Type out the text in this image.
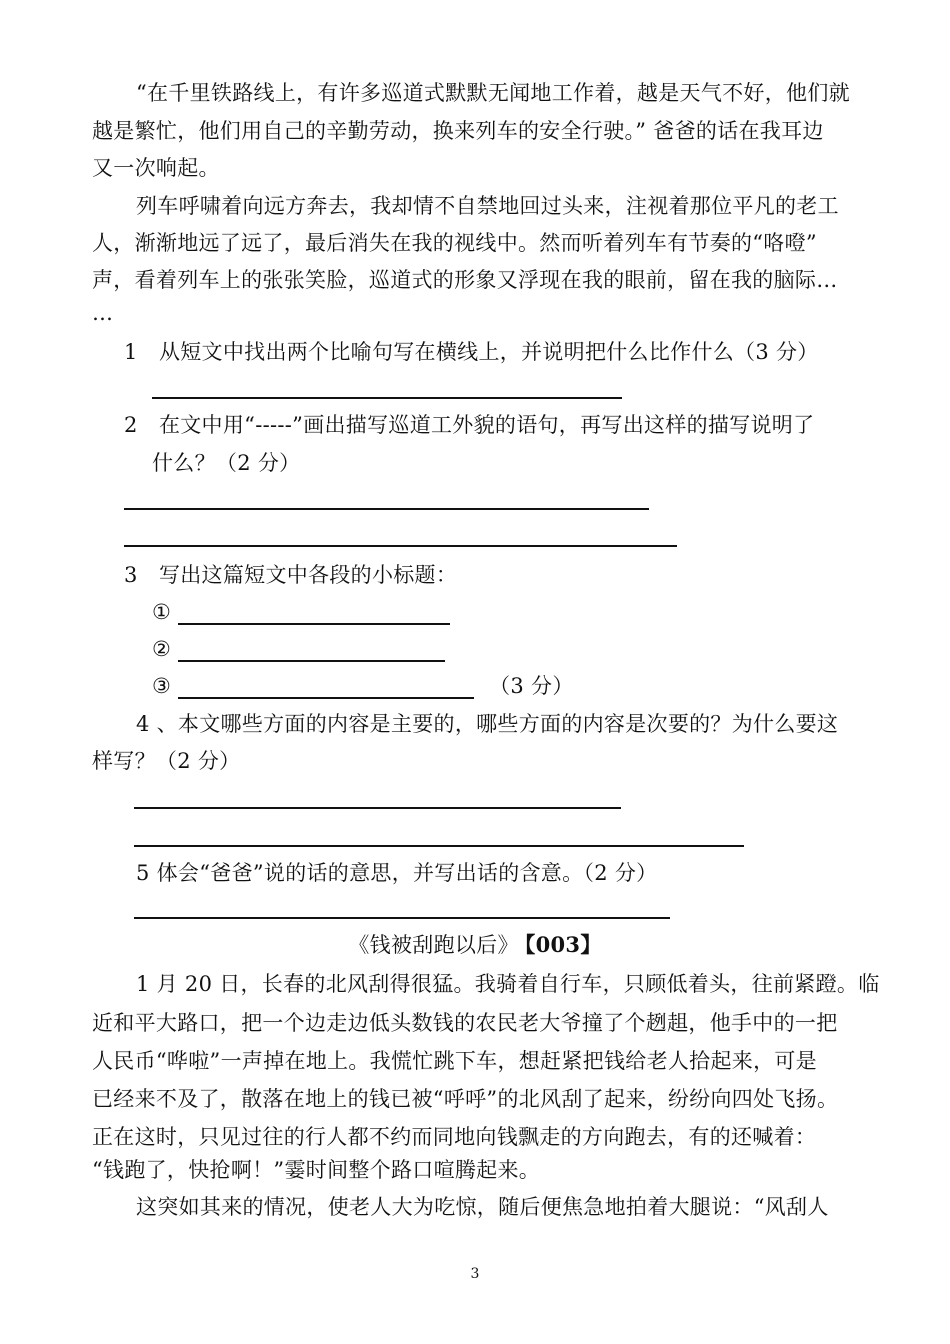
“在千里铁路线上，有许多巡道式默默无闻地工作着，越是天气不好，他们就
越是繁忙，他们用自己的辛勤劳动，换来列车的安全行驶。” 爸爸的话在我耳边
又一次响起。
列车呼啸着向远方奔去，我却情不自禁地回过头来，注视着那位平凡的老工
人，渐渐地远了远了，最后消失在我的视线中。然而听着列车有节奏的“咯噔”
声，看着列车上的张张笑脸，巡道式的形象又浮现在我的眼前，留在我的脑际…
…
1　从短文中找出两个比喻句写在横线上，并说明把什么比作什么（3 分）
2　在文中用“-----”画出描写巡道工外貌的语句，再写出这样的描写说明了
什么？（2 分）
3　写出这篇短文中各段的小标题：
①
②
③	（3 分）
4 、本文哪些方面的内容是主要的，哪些方面的内容是次要的？为什么要这
样写？（2 分）
5 体会“爸爸”说的话的意思，并写出话的含意。（2 分）
《钱被刮跑以后》 【003】
1 月 20 日，长春的北风刮得很猛。我骑着自行车，只顾低着头，往前紧蹬。临
近和平大路口，把一个边走边低头数钱的农民老大爷撞了个趔趄，他手中的一把
人民币“哗啦”一声掉在地上。我慌忙跳下车，想赶紧把钱给老人拾起来，可是
已经来不及了，散落在地上的钱已被“呼呼”的北风刮了起来，纷纷向四处飞扬。
正在这时，只见过往的行人都不约而同地向钱飘走的方向跑去，有的还喊着：
“钱跑了，快抢啊！”霎时间整个路口喧腾起来。
这突如其来的情况，使老人大为吃惊，随后便焦急地拍着大腿说：“风刮人
3
